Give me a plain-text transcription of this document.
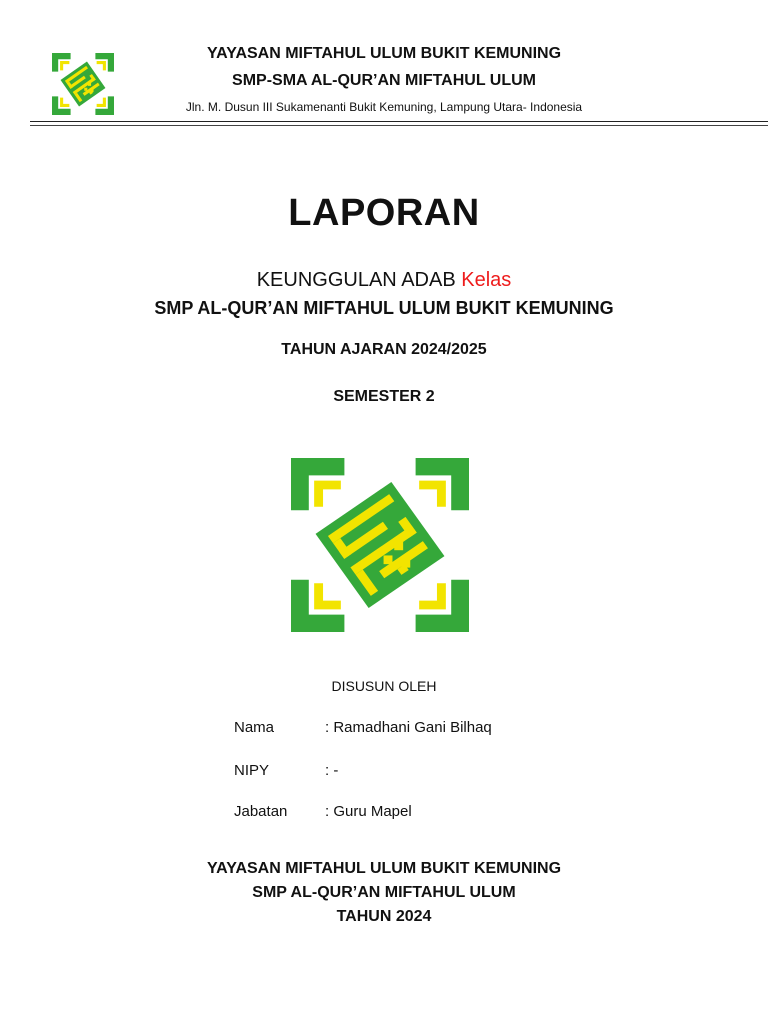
YAYASAN MIFTAHUL ULUM BUKIT KEMUNING
SMP-SMA AL-QUR’AN MIFTAHUL ULUM
Jln. M. Dusun III Sukamenanti Bukit Kemuning, Lampung Utara- Indonesia
LAPORAN
KEUNGGULAN ADAB Kelas
SMP AL-QUR’AN MIFTAHUL ULUM BUKIT KEMUNING
TAHUN AJARAN 2024/2025
SEMESTER 2
DISUSUN OLEH
Nama	: Ramadhani Gani Bilhaq
NIPY	: -
Jabatan	: Guru Mapel
YAYASAN MIFTAHUL ULUM BUKIT KEMUNING
SMP AL-QUR’AN MIFTAHUL ULUM
TAHUN 2024
